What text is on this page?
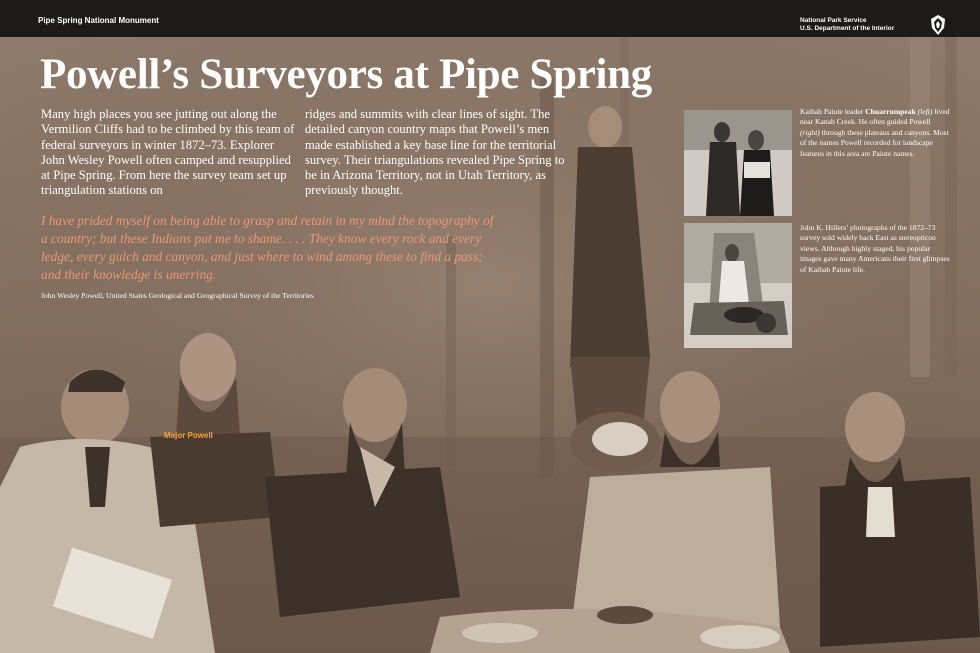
Pipe Spring National Monument	National Park Service
U.S. Department of the Interior
Powell’s Surveyors at Pipe Spring

Many high places you see jutting out along the Vermilion Cliffs had to be climbed by this team of federal surveyors in winter 1872–73. Explorer John Wesley Powell often camped and resupplied at Pipe Spring. From here the survey team set up triangulation stations on

ridges and summits with clear lines of sight. The detailed canyon country maps that Powell’s men made established a key base line for the territorial survey. Their triangulations revealed Pipe Spring to be in Arizona Territory, not in Utah Territory, as previously thought.

I have prided myself on being able to grasp and retain in my mind the topography of a country; but these Indians put me to shame. . . . They know every rock and every ledge, every gulch and canyon, and just where to wind among these to find a pass; and their knowledge is unerring.

John Wesley Powell, United States Geological and Geographical Survey of the Territories

Kaibab Paiute leader Chuarrumpeak (left) lived near Kanab Creek. He often guided Powell (right) through these plateaus and canyons. Most of the names Powell recorded for landscape features in this area are Paiute names.

John K. Hillers’ photographs of the 1872–73 survey sold widely back East as stereopticon views. Although highly staged, his popular images gave many Americans their first glimpses of Kaibab Paiute life.

Major Powell
